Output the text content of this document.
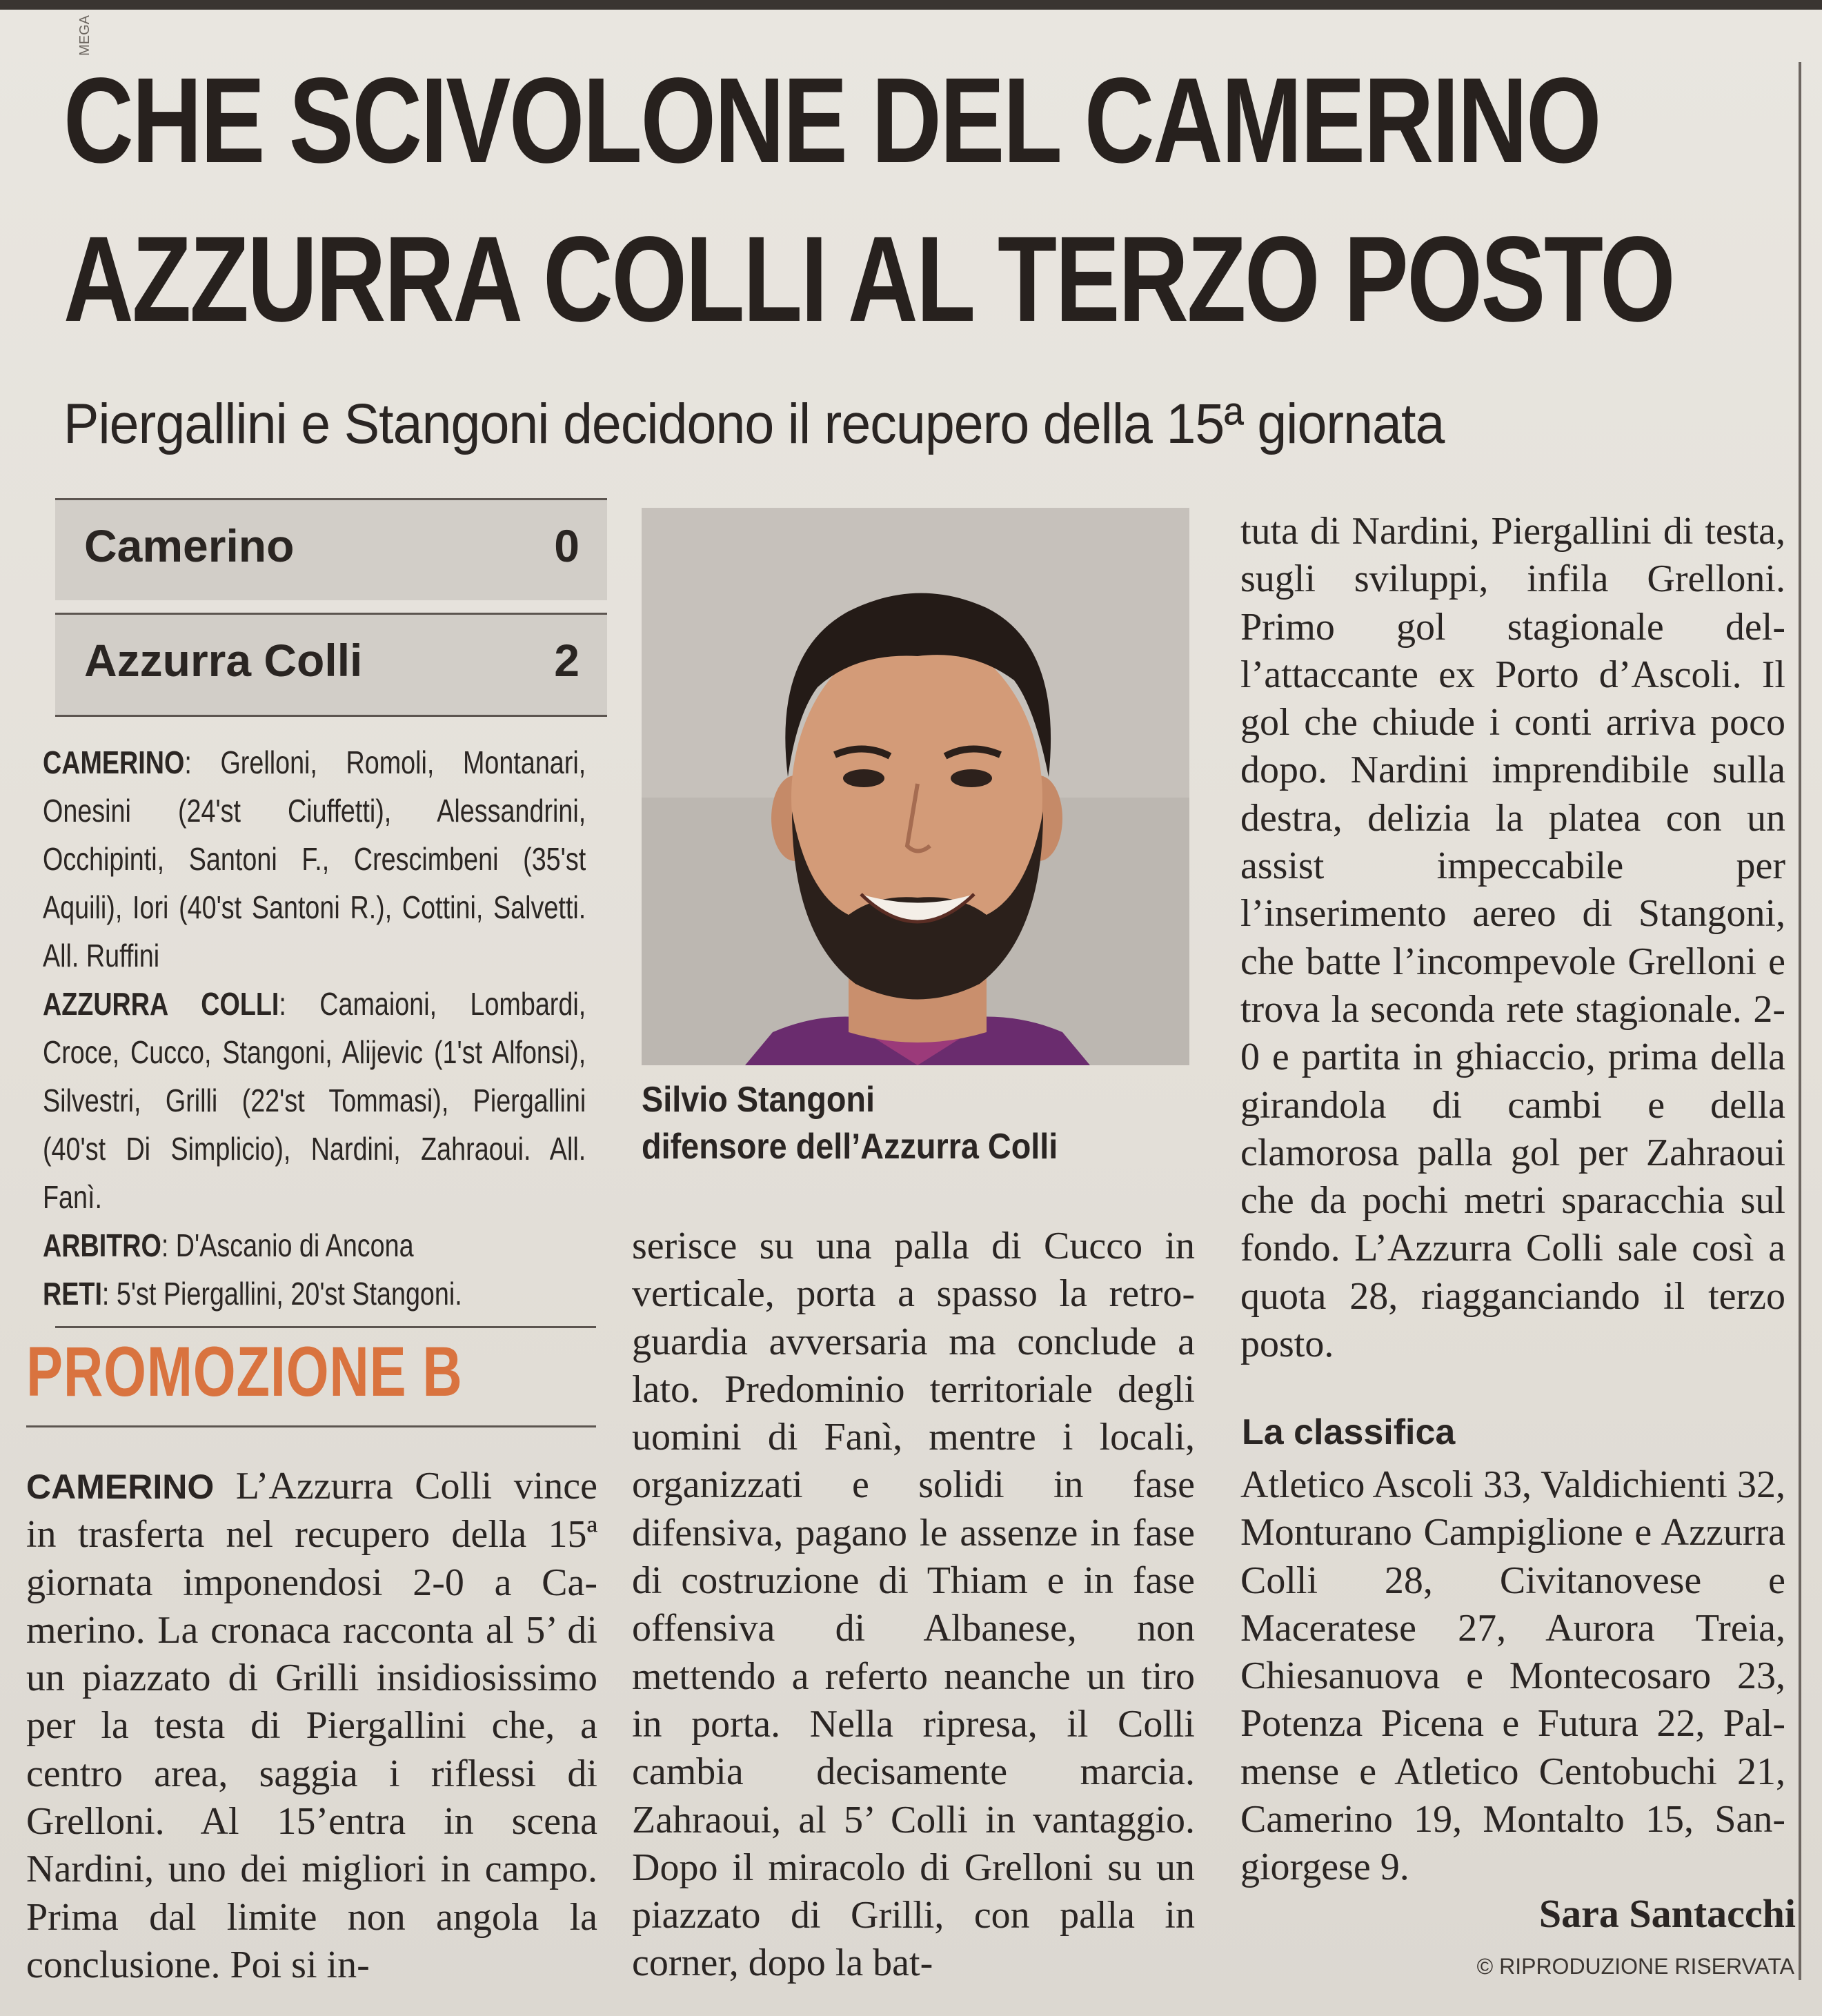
MEGA
CHE SCIVOLONE DEL CAMERINO
AZZURRA COLLI AL TERZO POSTO
Piergallini e Stangoni decidono il recupero della 15ª giornata
Camerino	0
Azzurra Colli	2

CAMERINO: Grelloni, Romoli, Montanari, Onesini (24'st Ciuffetti), Alessandrini, Occhipinti, Santoni F., Crescimbeni (35'st Aquili), Iori (40'st Santoni R.), Cottini, Salvetti. All. Ruffini

AZZURRA COLLI: Camaioni, Lombardi, Croce, Cucco, Stangoni, Alijevic (1'st Alfonsi), Silvestri, Grilli (22'st Tommasi), Piergallini (40'st Di Simplicio), Nardini, Zahraoui. All. Fanì.

ARBITRO: D'Ascanio di Ancona

RETI: 5'st Piergallini, 20'st Stangoni.

PROMOZIONE B
Silvio Stangoni
difensore dell’Azzurra Colli

CAMERINO L’Azzurra Colli vince in trasferta nel recupero della 15ª giornata imponendosi 2-0 a Camerino. La cronaca racconta al 5’ di un piazzato di Grilli insidiosissimo per la testa di Piergallini che, a centro area, saggia i riflessi di Grelloni. Al 15’entra in scena Nardini, uno dei migliori in campo. Prima dal limite non angola la conclusione. Poi si in-

serisce su una palla di Cucco in verticale, porta a spasso la retroguardia avversaria ma conclude a lato. Predominio territoriale degli uomini di Fanì, mentre i locali, organizzati e solidi in fase difensiva, pagano le assenze in fase di costruzione di Thiam e in fase offensiva di Albanese, non mettendo a referto neanche un tiro in porta. Nella ripresa, il Colli cambia decisamente marcia. Zahraoui, al 5’ Colli in vantaggio. Dopo il miracolo di Grelloni su un piazzato di Grilli, con palla in corner, dopo la bat-

tuta di Nardini, Piergallini di testa, sugli sviluppi, infila Grelloni. Primo gol stagionale dell’attaccante ex Porto d’Ascoli. Il gol che chiude i conti arriva poco dopo. Nardini imprendibile sulla destra, delizia la platea con un assist impeccabile per l’inserimento aereo di Stangoni, che batte l’incompevole Grelloni e trova la seconda rete stagionale. 2-0 e partita in ghiaccio, prima della girandola di cambi e della clamorosa palla gol per Zahraoui che da pochi metri sparacchia sul fondo. L’Azzurra Colli sale così a quota 28, riagganciando il terzo posto.

La classifica

Atletico Ascoli 33, Valdichienti 32, Monturano Campiglione e Azzurra Colli 28, Civitanovese e Maceratese 27, Aurora Treia, Chiesanuova e Montecosaro 23, Potenza Picena e Futura 22, Palmense e Atletico Centobuchi 21, Camerino 19, Montalto 15, Sangiorgese 9.

Sara Santacchi
© RIPRODUZIONE RISERVATA
